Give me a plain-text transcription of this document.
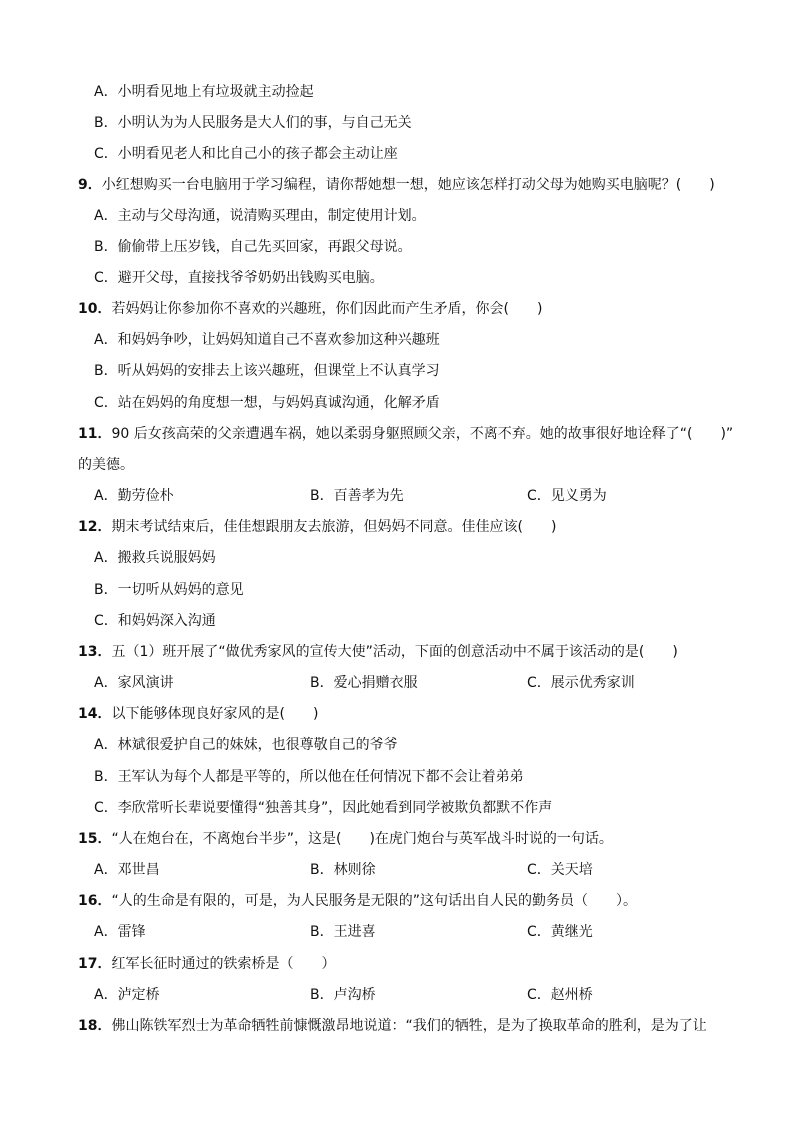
A．小明看见地上有垃圾就主动捡起
B．小明认为为人民服务是大人们的事，与自己无关
C．小明看见老人和比自己小的孩子都会主动让座
9．小红想购买一台电脑用于学习编程，请你帮她想一想，她应该怎样打动父母为她购买电脑呢？(　　)
A．主动与父母沟通，说清购买理由，制定使用计划。
B．偷偷带上压岁钱，自己先买回家，再跟父母说。
C．避开父母，直接找爷爷奶奶出钱购买电脑。
10．若妈妈让你参加你不喜欢的兴趣班，你们因此而产生矛盾，你会(　　)
A．和妈妈争吵，让妈妈知道自己不喜欢参加这种兴趣班
B．听从妈妈的安排去上该兴趣班，但课堂上不认真学习
C．站在妈妈的角度想一想，与妈妈真诚沟通，化解矛盾
11．90 后女孩高荣的父亲遭遇车祸，她以柔弱身躯照顾父亲，不离不弃。她的故事很好地诠释了“(　　)”
的美德。
A．勤劳俭朴	B．百善孝为先	C．见义勇为
12．期末考试结束后，佳佳想跟朋友去旅游，但妈妈不同意。佳佳应该(　　)
A．搬救兵说服妈妈
B．一切听从妈妈的意见
C．和妈妈深入沟通
13．五（1）班开展了“做优秀家风的宣传大使”活动，下面的创意活动中不属于该活动的是(　　)
A．家风演讲	B．爱心捐赠衣服	C．展示优秀家训
14．以下能够体现良好家风的是(　　)
A．林斌很爱护自己的妹妹，也很尊敬自己的爷爷
B．王军认为每个人都是平等的，所以他在任何情况下都不会让着弟弟
C．李欣常听长辈说要懂得“独善其身”，因此她看到同学被欺负都默不作声
15．“人在炮台在，不离炮台半步”，这是(　　)在虎门炮台与英军战斗时说的一句话。
A．邓世昌	B．林则徐	C．关天培
16．“人的生命是有限的，可是，为人民服务是无限的”这句话出自人民的勤务员（　　）。
A．雷锋	B．王进喜	C．黄继光
17．红军长征时通过的铁索桥是（　　）
A．泸定桥	B．卢沟桥	C．赵州桥
18．佛山陈铁军烈士为革命牺牲前慷慨激昂地说道：“我们的牺牲，是为了换取革命的胜利，是为了让
